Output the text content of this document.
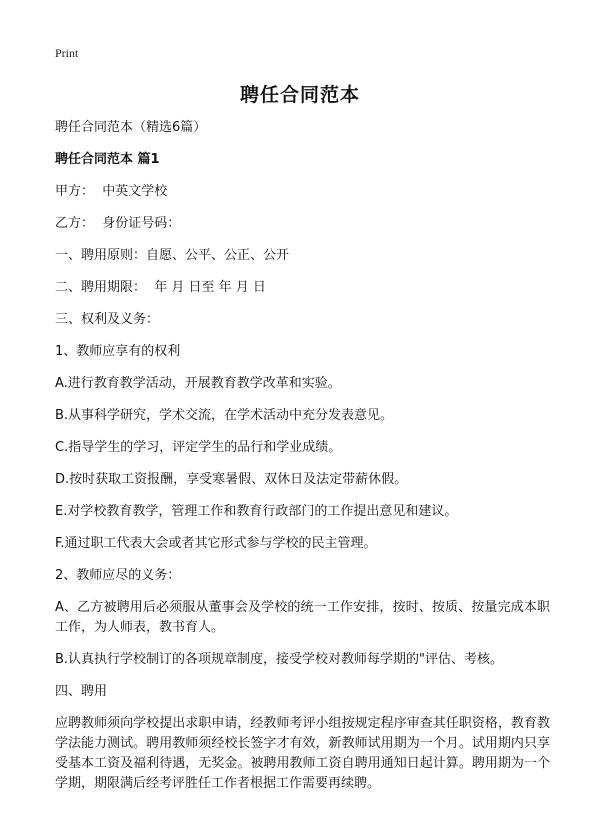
Print
聘任合同范本

聘任合同范本（精选6篇）

聘任合同范本 篇1

甲方：  中英文学校

乙方：  身份证号码：

一、聘用原则：自愿、公平、公正、公开

二、聘用期限：  年 月 日至 年 月 日

三、权利及义务：

1、教师应享有的权利

A.进行教育教学活动，开展教育教学改革和实验。

B.从事科学研究，学术交流，在学术活动中充分发表意见。

C.指导学生的学习，评定学生的品行和学业成绩。

D.按时获取工资报酬，享受寒暑假、双休日及法定带薪休假。

E.对学校教育教学，管理工作和教育行政部门的工作提出意见和建议。

F.通过职工代表大会或者其它形式参与学校的民主管理。

2、教师应尽的义务：

A、乙方被聘用后必须服从董事会及学校的统一工作安排，按时、按质、按量完成本职工作，为人师表，教书育人。

B.认真执行学校制订的各项规章制度，接受学校对教师每学期的"评估、考核。

四、聘用

应聘教师须向学校提出求职申请，经教师考评小组按规定程序审查其任职资格，教育教学法能力测试。聘用教师须经校长签字才有效，新教师试用期为一个月。试用期内只享受基本工资及福利待遇，无奖金。被聘用教师工资自聘用通知日起计算。聘用期为一个学期，期限满后经考评胜任工作者根据工作需要再续聘。
